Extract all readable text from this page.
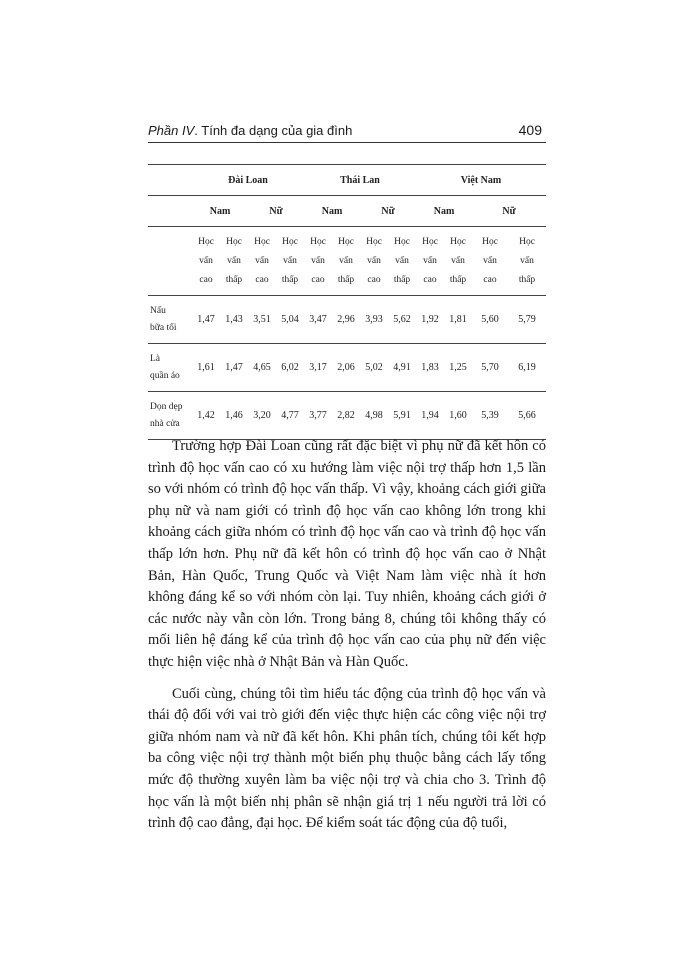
Phần IV. Tính đa dạng của gia đình	409
	Đài Loan				Thái Lan				Việt Nam			
	Nam		Nữ		Nam		Nữ		Nam		Nữ	

	Học
vấn
cao	Học
vấn
thấp	Học
vấn
cao	Học
vấn
thấp	Học
vấn
cao	Học
vấn
thấp	Học
vấn
cao	Học
vấn
thấp	Học
vấn
cao	Học
vấn
thấp	Học
vấn
cao	Học
vấn
thấp

Nấu
bữa tối	1,47	1,43	3,51	5,04	3,47	2,96	3,93	5,62	1,92	1,81	5,60	5,79
Là
quần áo	1,61	1,47	4,65	6,02	3,17	2,06	5,02	4,91	1,83	1,25	5,70	6,19
Dọn dẹp
nhà cửa	1,42	1,46	3,20	4,77	3,77	2,82	4,98	5,91	1,94	1,60	5,39	5,66

Trường hợp Đài Loan cũng rất đặc biệt vì phụ nữ đã kết hôn có trình độ học vấn cao có xu hướng làm việc nội trợ thấp hơn 1,5 lần so với nhóm có trình độ học vấn thấp. Vì vậy, khoảng cách giới giữa phụ nữ và nam giới có trình độ học vấn cao không lớn trong khi khoảng cách giữa nhóm có trình độ học vấn cao và trình độ học vấn thấp lớn hơn. Phụ nữ đã kết hôn có trình độ học vấn cao ở Nhật Bản, Hàn Quốc, Trung Quốc và Việt Nam làm việc nhà ít hơn không đáng kể so với nhóm còn lại. Tuy nhiên, khoảng cách giới ở các nước này vẫn còn lớn. Trong bảng 8, chúng tôi không thấy có mối liên hệ đáng kể của trình độ học vấn cao của phụ nữ đến việc thực hiện việc nhà ở Nhật Bản và Hàn Quốc.

Cuối cùng, chúng tôi tìm hiểu tác động của trình độ học vấn và thái độ đối với vai trò giới đến việc thực hiện các công việc nội trợ giữa nhóm nam và nữ đã kết hôn. Khi phân tích, chúng tôi kết hợp ba công việc nội trợ thành một biến phụ thuộc bằng cách lấy tổng mức độ thường xuyên làm ba việc nội trợ và chia cho 3. Trình độ học vấn là một biến nhị phân sẽ nhận giá trị 1 nếu người trả lời có trình độ cao đẳng, đại học. Để kiểm soát tác động của độ tuổi,
